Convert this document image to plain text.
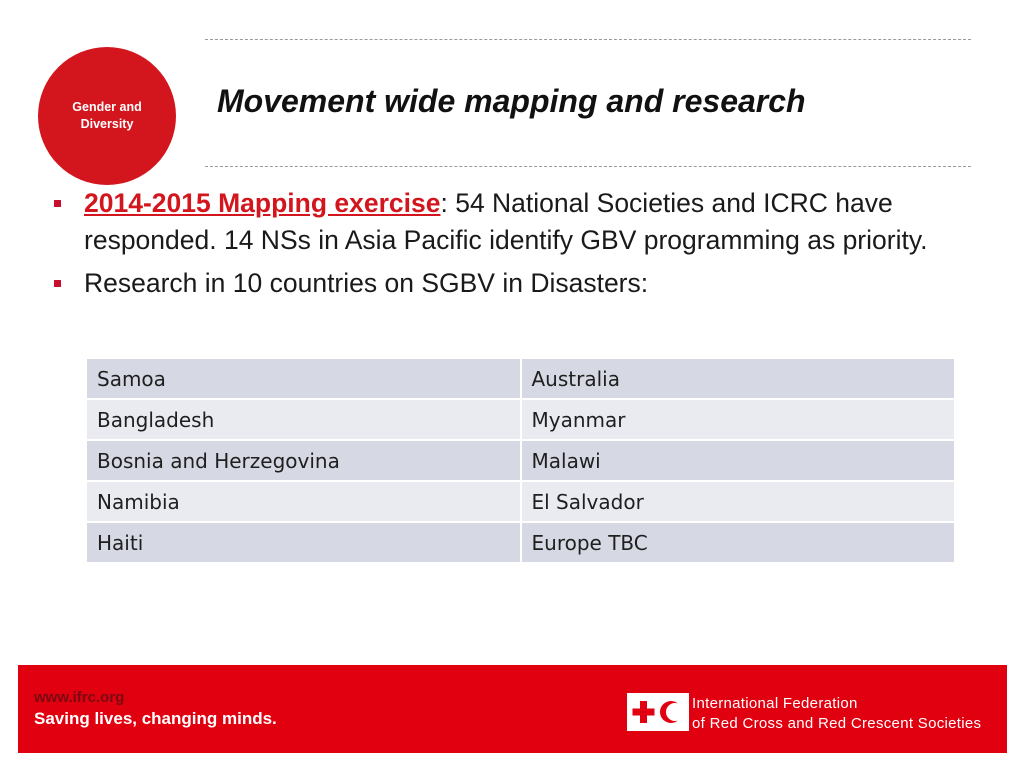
Gender and
Diversity
Movement wide mapping and research
2014-2015 Mapping exercise: 54 National Societies and ICRC have responded. 14 NSs in Asia Pacific identify GBV programming as priority.
Research in 10 countries on SGBV in Disasters:
Samoa	Australia
Bangladesh	Myanmar
Bosnia and Herzegovina	Malawi
Namibia	El Salvador
Haiti	Europe TBC
www.ifrc.org
Saving lives, changing minds.
International Federation
of Red Cross and Red Crescent Societies
